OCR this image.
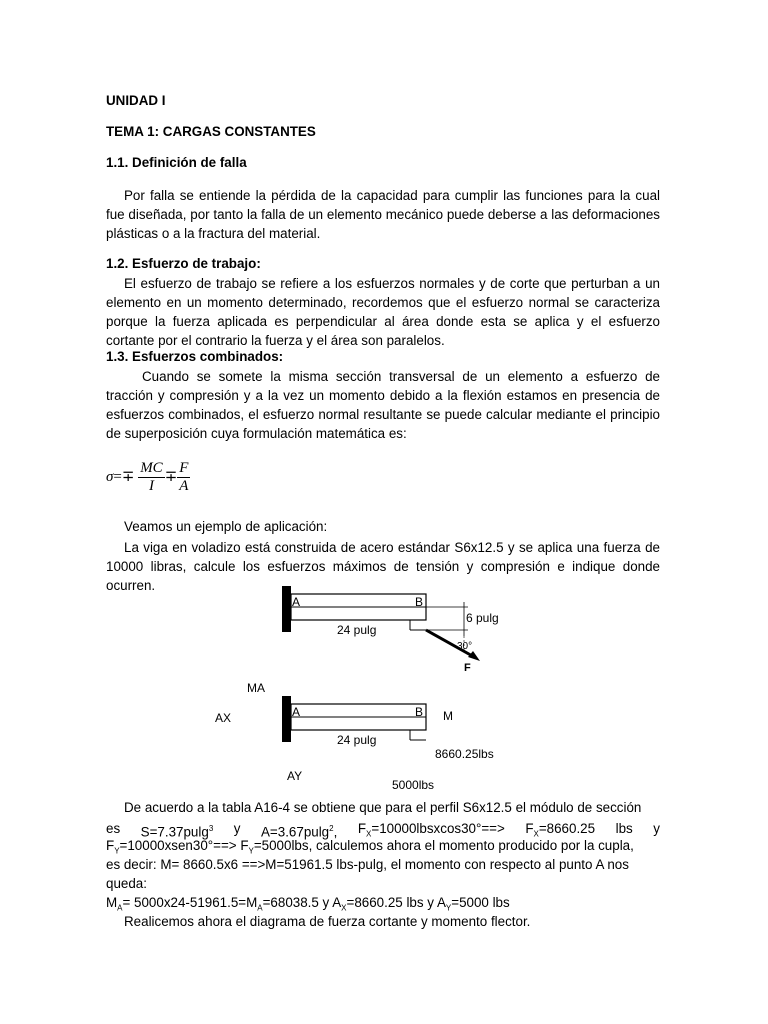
UNIDAD I
TEMA 1: CARGAS CONSTANTES
1.1. Definición de falla
Por falla se entiende la pérdida de la capacidad para cumplir las funciones para la cual fue diseñada, por tanto la falla de un elemento mecánico puede deberse a las deformaciones plásticas o a la fractura del material.
1.2. Esfuerzo de trabajo:
El esfuerzo de trabajo se refiere a los esfuerzos normales y de corte que perturban a un elemento en un momento determinado, recordemos que el esfuerzo normal se caracteriza porque la fuerza aplicada es perpendicular al área donde esta se aplica y el esfuerzo cortante por el contrario la fuerza y el área son paralelos.
1.3. Esfuerzos combinados:
Cuando se somete la misma sección transversal de un elemento a esfuerzo de tracción y compresión y a la vez un momento debido a la flexión estamos en presencia de esfuerzos combinados, el esfuerzo normal resultante se puede calcular mediante el principio de superposición cuya formulación matemática es:
$\sigma=\mp \frac{MC}{I} \mp \frac{F}{A}$
Veamos un ejemplo de aplicación:
La viga en voladizo está construida de acero estándar S6x12.5 y se aplica una fuerza de 10000 libras, calcule los esfuerzos máximos de tensión y compresión e indique donde ocurren.
A	B
24 pulg
6 pulg
30°
F
MA
AX	A	B M
24 pulg
8660.25lbs
AY
5000lbs
De acuerdo a la tabla A16-4 se obtiene que para el perfil S6x12.5 el módulo de sección
es S=7.37pulg$^3$ y A=3.67pulg$^2$, $F_X=10000lbsxcos30^\circ==> F_X=8660.25$ lbs y
$F_Y=10000xsen30^\circ==> F_Y=5000lbs$, calculemos ahora el momento producido por la cupla,
es decir: M= 8660.5x6 ==>M=51961.5 lbs-pulg, el momento con respecto al punto A nos
queda:
$M_A= 5000x24-51961.5=M_A=68038.5$ y $A_X=8660.25$ lbs y $A_Y=5000$ lbs
Realicemos ahora el diagrama de fuerza cortante y momento flector.
